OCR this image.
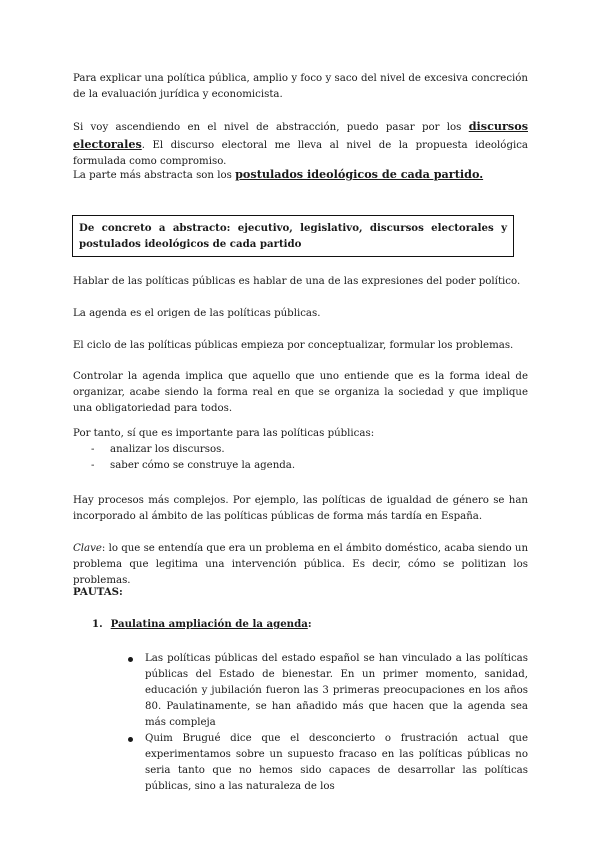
Para explicar una política pública, amplio y foco y saco del nivel de excesiva concreción de la evaluación jurídica y economicista.

Si voy ascendiendo en el nivel de abstracción, puedo pasar por los discursos electorales. El discurso electoral me lleva al nivel de la propuesta ideológica formulada como compromiso.

La parte más abstracta son los postulados ideológicos de cada partido.

De concreto a abstracto: ejecutivo, legislativo, discursos electorales y postulados ideológicos de cada partido

Hablar de las políticas públicas es hablar de una de las expresiones del poder político.

La agenda es el origen de las políticas públicas.

El ciclo de las políticas públicas empieza por conceptualizar, formular los problemas.

Controlar la agenda implica que aquello que uno entiende que es la forma ideal de organizar, acabe siendo la forma real en que se organiza la sociedad y que implique una obligatoriedad para todos.

Por tanto, sí que es importante para las políticas públicas:

- analizar los discursos.
- saber cómo se construye la agenda.

Hay procesos más complejos. Por ejemplo, las políticas de igualdad de género se han incorporado al ámbito de las políticas públicas de forma más tardía en España.

Clave: lo que se entendía que era un problema en el ámbito doméstico, acaba siendo un problema que legitima una intervención pública. Es decir, cómo se politizan los problemas.

PAUTAS:

1. Paulatina ampliación de la agenda:

Las políticas públicas del estado español se han vinculado a las políticas públicas del Estado de bienestar. En un primer momento, sanidad, educación y jubilación fueron las 3 primeras preocupaciones en los años 80. Paulatinamente, se han añadido más que hacen que la agenda sea más compleja
Quim Brugué dice que el desconcierto o frustración actual que experimentamos sobre un supuesto fracaso en las políticas públicas no seria tanto que no hemos sido capaces de desarrollar las políticas públicas, sino a las naturaleza de los
